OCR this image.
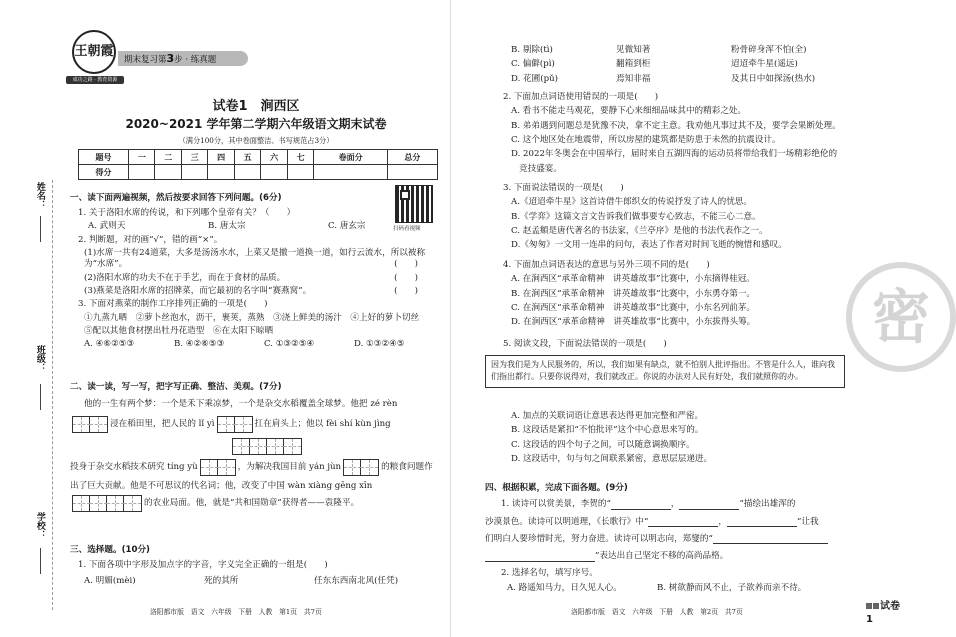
姓名：
班级：
学校：
王朝霞
成功之路 · 教育资源
期末复习第3步 · 练真题
试卷1　涧西区
2020~2021 学年第二学期六年级语文期末试卷
（满分100分，其中卷面整洁、书写规范占3分）
题号	一	二	三	四	五	六	七	卷面分	总分
得分									
扫码看视频
一、读下面两遍视频，然后按要求回答下列问题。(6分)
1. 关于洛阳水席的传说，和下列哪个皇帝有关？（　　）
A. 武则天	B. 唐太宗	C. 唐玄宗
2. 判断题，对的画“√”，错的画“×”。
(1)水席一共有24道菜，大多是汤汤水水，上菜又是撤一道换一道，如行云流水，所以被称
为“水席”。	(　　)
(2)洛阳水席的功夫不在于手艺，而在于食材的品质。	(　　)
(3)燕菜是洛阳水席的招牌菜，而它最初的名字叫“赛燕窝”。	(　　)
3. 下面对燕菜的制作工序排列正确的一项是(　　)
①九蒸九晒　②萝卜丝泡水，沥干，裹荚，蒸熟　③浇上鲜美的汤汁　④上好的萝卜切丝
⑤配以其他食材摆出牡丹花造型　⑥在太阳下晾晒
A. ④⑥②⑤③	B. ④②⑥⑤③	C. ①③②⑤④	D. ①③②④⑤
二、读一读，写一写，把字写正确、整洁、美观。(7分)
他的一生有两个梦：一个是禾下乘凉梦，一个是杂交水稻覆盖全球梦。他把 zé rèn
浸在稻田里，把人民的 lǐ yì	扛在肩头上；他以 fèi shí kùn jìng
投身于杂交水稻技术研究 tíng yù	，为解决我国目前 yán jùn	的粮食问题作
出了巨大贡献。他是不可思议的代名词；他，改变了中国 wàn xiàng gēng xīn
的农业局面。他，就是“共和国勋章”获得者——袁隆平。
三、选择题。(10分)
1. 下面各项中字形及加点字的字音，字义完全正确的一组是(　　)
A. 明媚(mèi)	死的其所	任东东西南北风(任凭)
洛阳都市版　语文　六年级　下册　人教　第1页　共7页
密
B. 剔除(tì)	见微知著	粉骨碎身浑不怕(全)
C. 偏僻(pì)	翻箱到柜	迢迢牵牛星(遥远)
D. 花圃(pǔ)	焉知非福	及其日中如探汤(热水)
2. 下面加点词语使用错误的一项是(　　)
A. 看书不能走马观花，要静下心来细细品味其中的精彩之处。
B. 弟弟遇到问题总是犹豫不决，拿不定主意。我劝他凡事过其不及，要学会果断处理。
C. 这个地区处在地震带，所以房屋的建筑都是防患于未然的抗震设计。
D. 2022年冬奥会在中国举行，届时来自五湖四海的运动员将带给我们一场精彩绝伦的
竞技盛宴。
3. 下面说法错误的一项是(　　)
A.《迢迢牵牛星》这首诗借牛郎织女的传说抒发了诗人的忧思。
B.《学弈》这篇文言文告诉我们做事要专心致志，不能三心二意。
C. 赵孟頫是唐代著名的书法家，《兰亭序》是他的书法代表作之一。
D.《匆匆》一文用一连串的问句，表达了作者对时间飞逝的惋惜和感叹。
4. 下面加点词语表达的意思与另外三项不同的是(　　)
A. 在涧西区“承革命精神　讲英雄故事”比赛中，小东摘得桂冠。
B. 在涧西区“承革命精神　讲英雄故事”比赛中，小东勇夺第一。
C. 在涧西区“承革命精神　讲英雄故事”比赛中，小东名列前茅。
D. 在涧西区“承革命精神　讲英雄故事”比赛中，小东拔得头筹。
5. 阅读文段，下面说法错误的一项是(　　)
因为我们是为人民服务的，所以，我们如果有缺点，就不怕别人批评指出。不管是什么人，谁向我们指出都行。只要你说得对，我们就改正。你说的办法对人民有好处，我们就照你的办。
A. 加点的关联词语让意思表达得更加完整和严密。
B. 这段话是紧扣“不怕批评”这个中心意思来写的。
C. 这段话的四个句子之间，可以随意调换顺序。
D. 这段话中，句与句之间联系紧密，意思层层递进。
四、根据积累，完成下面各题。(9分)
1. 读诗可以赏美景，李贺的“	，	”描绘出雄浑的
沙漠景色。读诗可以明道理，《长歌行》中“	，	”让我
们明白人要珍惜时光，努力奋进。读诗可以明志向，郑燮的“
”表达出自己坚定不移的高尚品格。
2. 选择名句，填写序号。
A. 路遥知马力，日久见人心。	B. 树欲静而风不止，子欲养而亲不待。
洛阳都市版　语文　六年级　下册　人教　第2页　共7页	试卷1
